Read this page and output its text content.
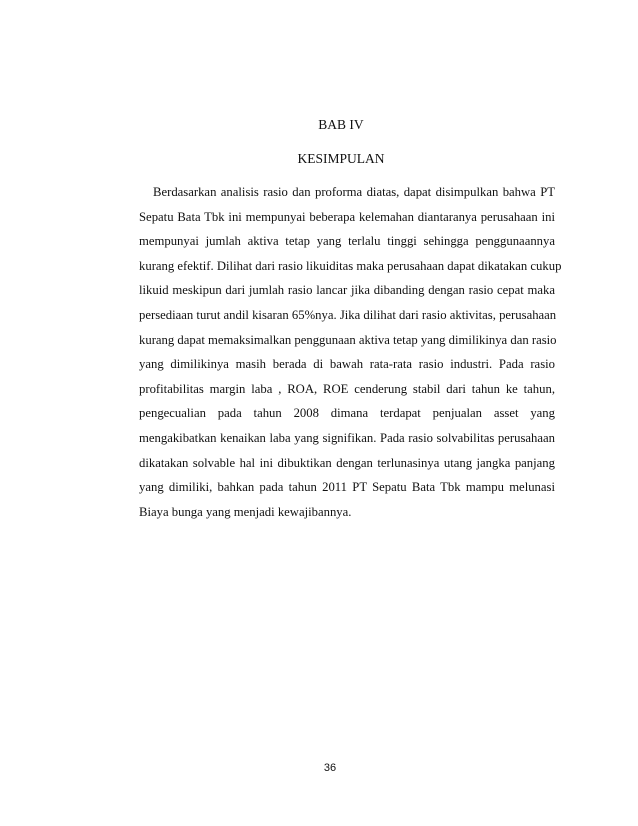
BAB IV
KESIMPULAN
Berdasarkan analisis rasio dan proforma diatas, dapat disimpulkan bahwa PT
Sepatu Bata Tbk ini mempunyai beberapa kelemahan diantaranya perusahaan ini
mempunyai jumlah aktiva tetap yang terlalu tinggi sehingga penggunaannya
kurang efektif. Dilihat dari rasio likuiditas maka perusahaan dapat dikatakan cukup
likuid meskipun dari jumlah rasio lancar jika dibanding dengan rasio cepat maka
persediaan turut andil kisaran 65%nya. Jika dilihat dari rasio aktivitas, perusahaan
kurang dapat memaksimalkan penggunaan aktiva tetap yang dimilikinya dan rasio
yang dimilikinya masih berada di bawah rata-rata rasio industri. Pada rasio
profitabilitas margin laba , ROA, ROE cenderung stabil dari tahun ke tahun,
pengecualian pada tahun 2008 dimana terdapat penjualan asset yang
mengakibatkan kenaikan laba yang signifikan. Pada rasio solvabilitas perusahaan
dikatakan solvable hal ini dibuktikan dengan terlunasinya utang jangka panjang
yang dimiliki, bahkan pada tahun 2011 PT Sepatu Bata Tbk mampu melunasi
Biaya bunga yang menjadi kewajibannya.
36
